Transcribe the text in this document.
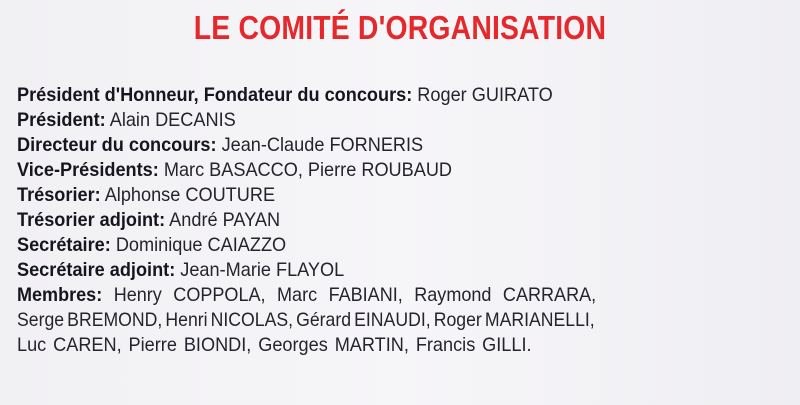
LE COMITÉ D'ORGANISATION
Président d'Honneur, Fondateur du concours: Roger GUIRATO
Président: Alain DECANIS
Directeur du concours: Jean-Claude FORNERIS
Vice-Présidents: Marc BASACCO, Pierre ROUBAUD
Trésorier: Alphonse COUTURE
Trésorier adjoint: André PAYAN
Secrétaire: Dominique CAIAZZO
Secrétaire adjoint: Jean-Marie FLAYOL
Membres: Henry COPPOLA, Marc FABIANI, Raymond CARRARA,
Serge BREMOND, Henri NICOLAS, Gérard EINAUDI, Roger MARIANELLI,
Luc CAREN, Pierre BIONDI, Georges MARTIN, Francis GILLI.
